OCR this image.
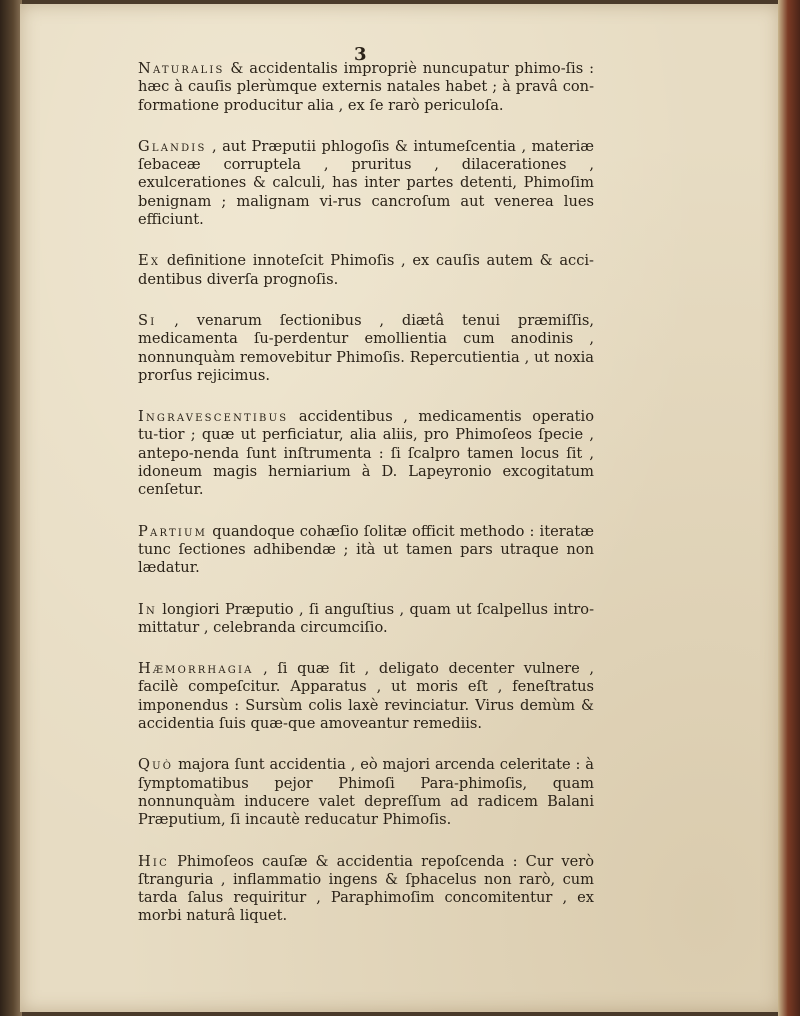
3

Naturalis & accidentalis impropriè nuncupatur phimo-ſis : hæc à cauſis plerùmque externis natales habet ; à pravâ con-formatione producitur alia , ex ſe rarò periculoſa.

Glandis , aut Præputii phlogoſis & intumeſcentia , materiæ ſebaceæ corruptela , pruritus , dilacerationes , exulcerationes & calculi, has inter partes detenti, Phimoſim benignam ; malignam vi-rus cancroſum aut venerea lues efficiunt.

Ex definitione innoteſcit Phimoſis , ex cauſis autem & acci-dentibus diverſa prognoſis.

Si , venarum ſectionibus , diætâ tenui præmiſſis, medicamenta ſu-perdentur emollientia cum anodinis , nonnunquàm removebitur Phimoſis. Repercutientia , ut noxia prorſus rejicimus.

Ingravescentibus accidentibus , medicamentis operatio tu-tior ; quæ ut perficiatur, alia aliis, pro Phimoſeos ſpecie , antepo-nenda ſunt inſtrumenta : ſi ſcalpro tamen locus ſit , idoneum magis herniarium à D. Lapeyronio excogitatum cenſetur.

Partium quandoque cohæſio ſolitæ officit methodo : iteratæ tunc ſectiones adhibendæ ; ità ut tamen pars utraque non lædatur.

In longiori Præputio , ſi anguſtius , quam ut ſcalpellus intro-mittatur , celebranda circumciſio.

Hæmorrhagia , ſi quæ ſit , deligato decenter vulnere , facilè compeſcitur. Apparatus , ut moris eſt , feneſtratus imponendus : Sursùm colis laxè revinciatur. Virus demùm & accidentia ſuis quæ-que amoveantur remediis.

Quò majora ſunt accidentia , eò majori arcenda celeritate : à ſymptomatibus pejor Phimoſi Para-phimoſis, quam nonnunquàm inducere valet depreſſum ad radicem Balani Præputium, ſi incautè reducatur Phimoſis.

Hic Phimoſeos cauſæ & accidentia repoſcenda : Cur verò ſtranguria , inflammatio ingens & ſphacelus non rarò, cum tarda ſalus requiritur , Paraphimoſim concomitentur , ex morbi naturâ liquet.
